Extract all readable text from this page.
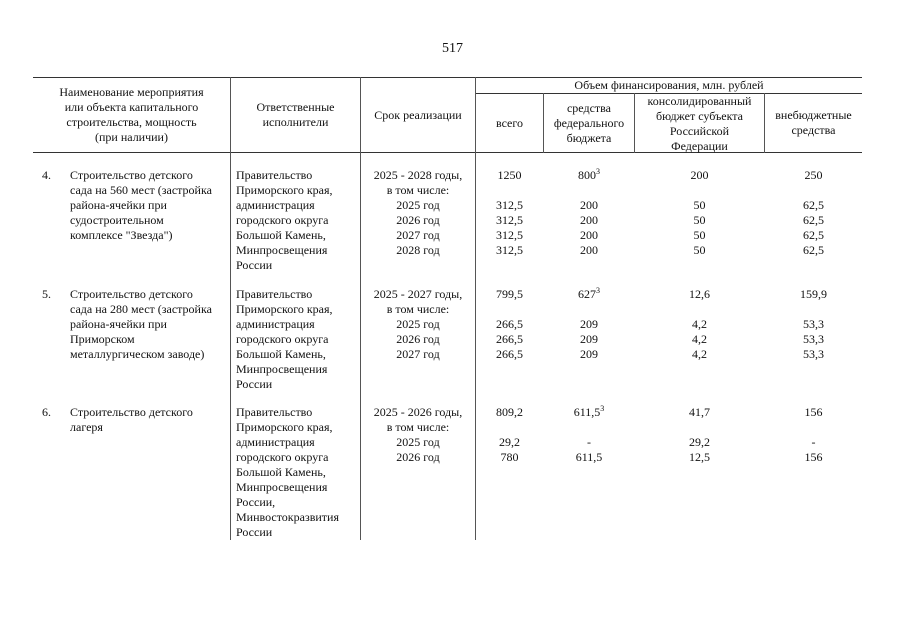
517
Наименование мероприятия
или объекта капитального
строительства, мощность
(при наличии)
Ответственные
исполнители	Срок реализации
Объем финансирования, млн. рублей
всего
средства
федерального
бюджета
консолидированный
бюджет субъекта
Российской
Федерации
внебюджетные
средства
4. Строительство детского
сада на 560 мест (застройка
района-ячейки при
судостроительном
комплексе "Звезда")
Правительство
Приморского края,
администрация
городского округа
Большой Камень,
Минпросвещения
России
2025 - 2028 годы,
в том числе:
2025 год
2026 год
2027 год
2028 год
1250
312,5
312,5
312,5
312,5
$800^3$
200
200
200
200
200
50
50
50
50
250
62,5
62,5
62,5
62,5
5. Строительство детского
сада на 280 мест (застройка
района-ячейки при
Приморском
металлургическом заводе)
Правительство
Приморского края,
администрация
городского округа
Большой Камень,
Минпросвещения
России
2025 - 2027 годы,
в том числе:
2025 год
2026 год
2027 год
799,5
266,5
266,5
266,5
$627^3$
209
209
209
12,6
4,2
4,2
4,2
159,9
53,3
53,3
53,3
6. Строительство детского
лагеря
Правительство
Приморского края,
администрация
городского округа
Большой Камень,
Минпросвещения
России,
Минвостокразвития
России
2025 - 2026 годы,
в том числе:
2025 год
2026 год
809,2
29,2
780
611,5$^3$
-
611,5
41,7
29,2
12,5
156
-
156
